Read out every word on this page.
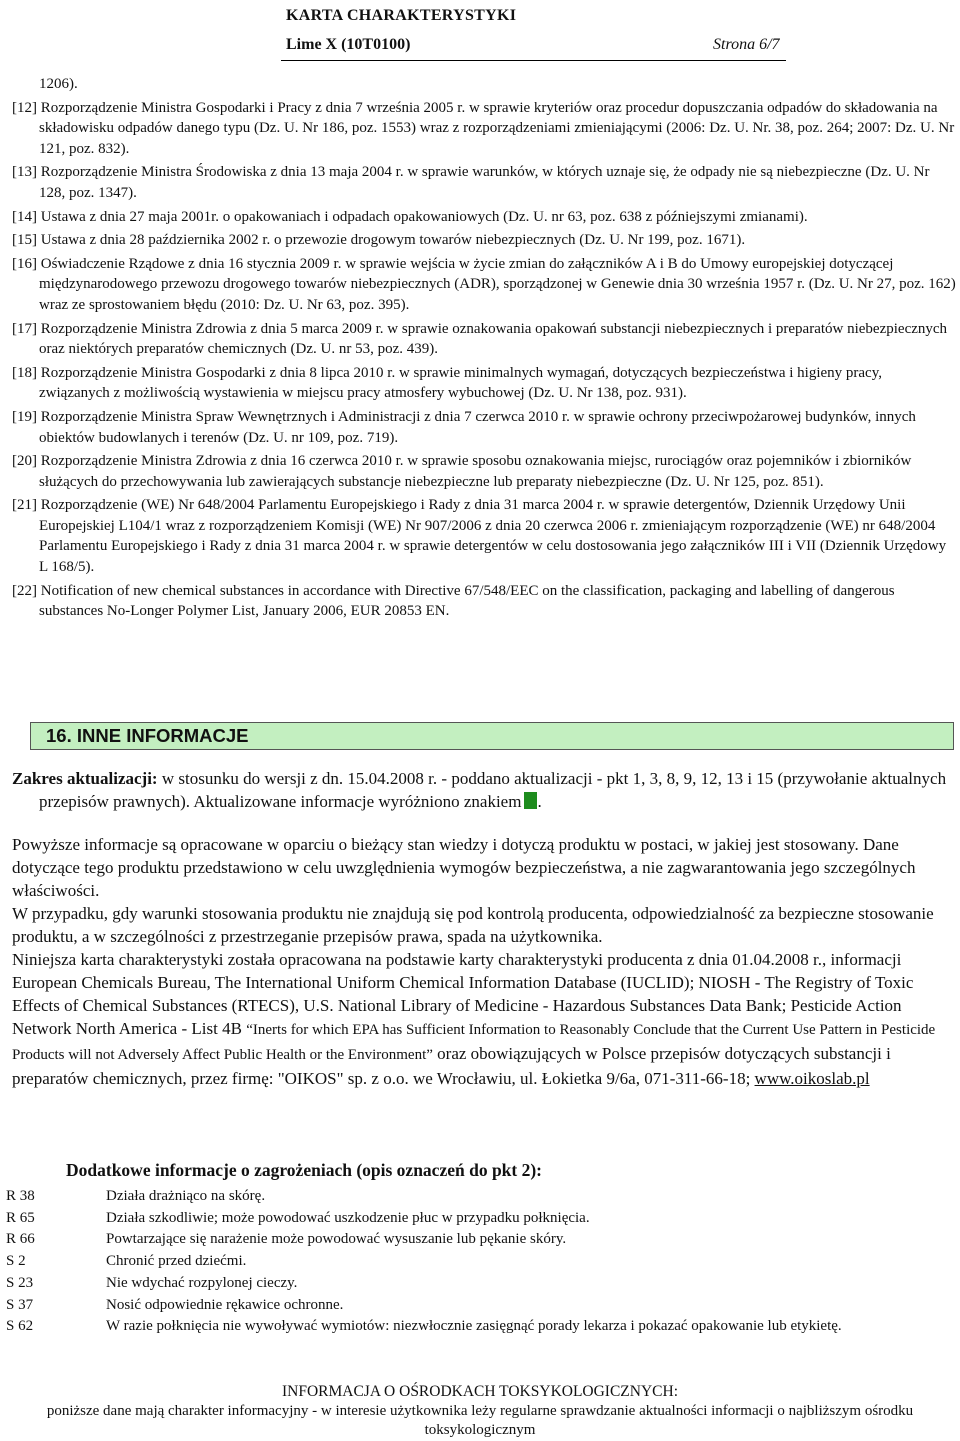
KARTA CHARAKTERYSTYKI
Lime X (10T0100)	Strona 6/7
1206).
[12] Rozporządzenie Ministra Gospodarki i Pracy z dnia 7 września 2005 r. w sprawie kryteriów oraz procedur dopuszczania odpadów do składowania na składowisku odpadów danego typu (Dz. U. Nr 186, poz. 1553) wraz z rozporządzeniami zmieniającymi (2006: Dz. U. Nr. 38, poz. 264; 2007: Dz. U. Nr 121, poz. 832).
[13] Rozporządzenie Ministra Środowiska z dnia 13 maja 2004 r. w sprawie warunków, w których uznaje się, że odpady nie są niebezpieczne (Dz. U. Nr 128, poz. 1347).
[14] Ustawa z dnia 27 maja 2001r. o opakowaniach i odpadach opakowaniowych (Dz. U. nr 63, poz. 638 z późniejszymi zmianami).
[15] Ustawa z dnia 28 października 2002 r. o przewozie drogowym towarów niebezpiecznych (Dz. U. Nr 199, poz. 1671).
[16] Oświadczenie Rządowe z dnia 16 stycznia 2009 r. w sprawie wejścia w życie zmian do załączników A i B do Umowy europejskiej dotyczącej międzynarodowego przewozu drogowego towarów niebezpiecznych (ADR), sporządzonej w Genewie dnia 30 września 1957 r. (Dz. U. Nr 27, poz. 162) wraz ze sprostowaniem błędu (2010: Dz. U. Nr 63, poz. 395).
[17] Rozporządzenie Ministra Zdrowia z dnia 5 marca 2009 r. w sprawie oznakowania opakowań substancji niebezpiecznych i preparatów niebezpiecznych oraz niektórych preparatów chemicznych (Dz. U. nr 53, poz. 439).
[18] Rozporządzenie Ministra Gospodarki z dnia 8 lipca 2010 r. w sprawie minimalnych wymagań, dotyczących bezpieczeństwa i higieny pracy, związanych z możliwością wystawienia w miejscu pracy atmosfery wybuchowej (Dz. U. Nr 138, poz. 931).
[19] Rozporządzenie Ministra Spraw Wewnętrznych i Administracji z dnia 7 czerwca 2010 r. w sprawie ochrony przeciwpożarowej budynków, innych obiektów budowlanych i terenów (Dz. U. nr 109, poz. 719).
[20] Rozporządzenie Ministra Zdrowia z dnia 16 czerwca 2010 r. w sprawie sposobu oznakowania miejsc, rurociągów oraz pojemników i zbiorników służących do przechowywania lub zawierających substancje niebezpieczne lub preparaty niebezpieczne (Dz. U. Nr 125, poz. 851).
[21] Rozporządzenie (WE) Nr 648/2004 Parlamentu Europejskiego i Rady z dnia 31 marca 2004 r. w sprawie detergentów, Dziennik Urzędowy Unii Europejskiej L104/1 wraz z rozporządzeniem Komisji (WE) Nr 907/2006 z dnia 20 czerwca 2006 r. zmieniającym rozporządzenie (WE) nr 648/2004 Parlamentu Europejskiego i Rady z dnia 31 marca 2004 r. w sprawie detergentów w celu dostosowania jego załączników III i VII (Dziennik Urzędowy L 168/5).
[22] Notification of new chemical substances in accordance with Directive 67/548/EEC on the classification, packaging and labelling of dangerous substances No-Longer Polymer List, January 2006, EUR 20853 EN.
16. INNE INFORMACJE
Zakres aktualizacji: w stosunku do wersji z dn. 15.04.2008 r. - poddano aktualizacji - pkt 1, 3, 8, 9, 12, 13 i 15 (przywołanie aktualnych przepisów prawnych). Aktualizowane informacje wyróżniono znakiem .

Powyższe informacje są opracowane w oparciu o bieżący stan wiedzy i dotyczą produktu w postaci, w jakiej jest stosowany. Dane dotyczące tego produktu przedstawiono w celu uwzględnienia wymogów bezpieczeństwa, a nie zagwarantowania jego szczególnych właściwości.

W przypadku, gdy warunki stosowania produktu nie znajdują się pod kontrolą producenta, odpowiedzialność za bezpieczne stosowanie produktu, a w szczególności z przestrzeganie przepisów prawa, spada na użytkownika.

Niniejsza karta charakterystyki została opracowana na podstawie karty charakterystyki producenta z dnia 01.04.2008 r., informacji European Chemicals Bureau, The International Uniform Chemical Information Database (IUCLID); NIOSH - The Registry of Toxic Effects of Chemical Substances (RTECS), U.S. National Library of Medicine - Hazardous Substances Data Bank; Pesticide Action Network North America - List 4B “Inerts for which EPA has Sufficient Information to Reasonably Conclude that the Current Use Pattern in Pesticide Products will not Adversely Affect Public Health or the Environment” oraz obowiązujących w Polsce przepisów dotyczących substancji i preparatów chemicznych, przez firmę: "OIKOS" sp. z o.o. we Wrocławiu, ul. Łokietka 9/6a, 071-311-66-18; www.oikoslab.pl

Dodatkowe informacje o zagrożeniach (opis oznaczeń do pkt 2):
R 38	Działa drażniąco na skórę.
R 65	Działa szkodliwie; może powodować uszkodzenie płuc w przypadku połknięcia.
R 66	Powtarzające się narażenie może powodować wysuszanie lub pękanie skóry.
S 2	Chronić przed dziećmi.
S 23	Nie wdychać rozpylonej cieczy.
S 37	Nosić odpowiednie rękawice ochronne.
S 62	W razie połknięcia nie wywoływać wymiotów: niezwłocznie zasięgnąć porady lekarza i pokazać opakowanie lub etykietę.
INFORMACJA O OŚRODKACH TOKSYKOLOGICZNYCH:
poniższe dane mają charakter informacyjny - w interesie użytkownika leży regularne sprawdzanie aktualności informacji o najbliższym ośrodku toksykologicznym
